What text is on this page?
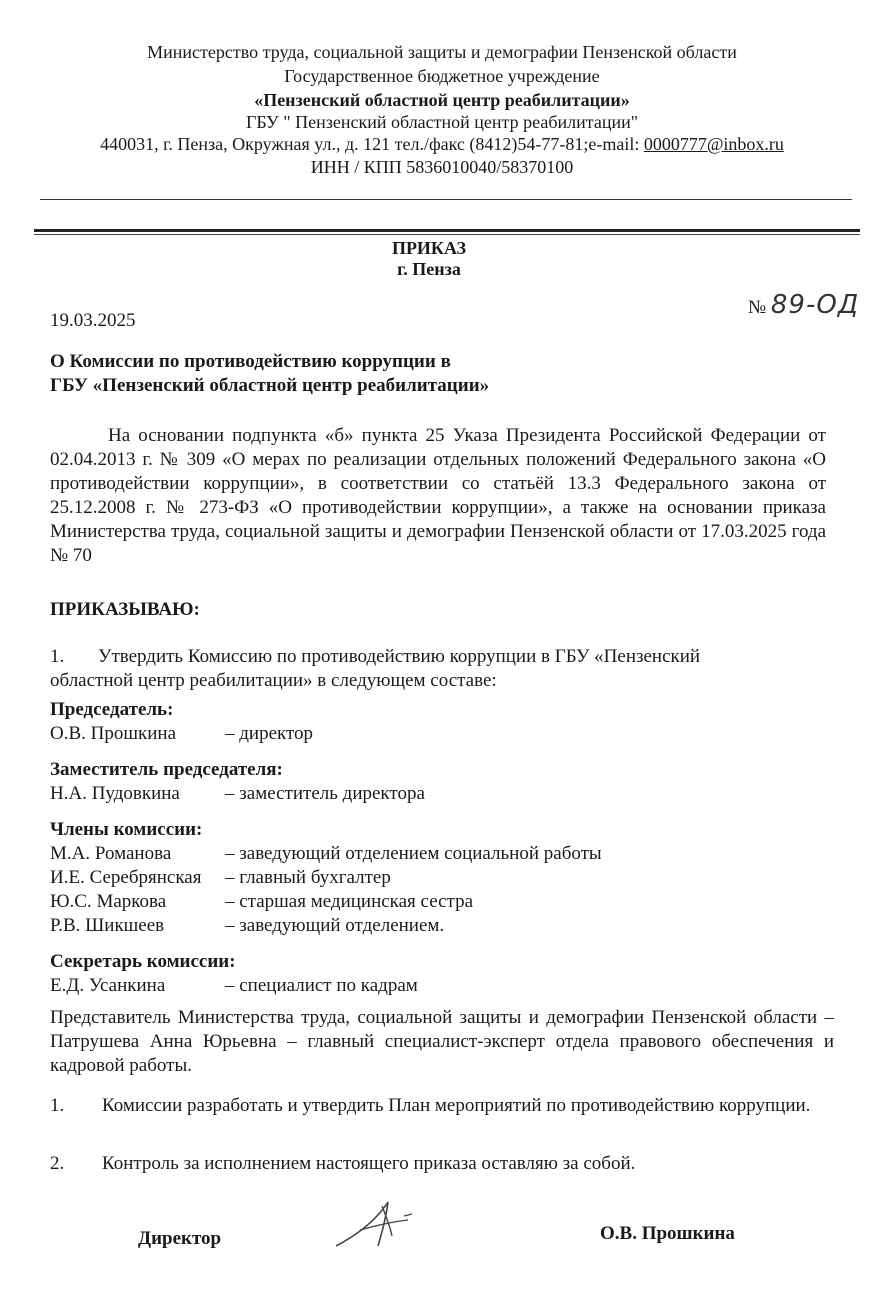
Министерство труда, социальной защиты и демографии Пензенской области
Государственное бюджетное учреждение
«Пензенский областной центр реабилитации»
ГБУ " Пензенский областной центр реабилитации"
440031, г. Пенза, Окружная ул., д. 121 тел./факс (8412)54-77-81;e-mail: 0000777@inbox.ru
ИНН / КПП 5836010040/58370100
ПРИКАЗ
г. Пенза
19.03.2025
№ 89-ОД
О Комиссии по противодействию коррупции в
ГБУ «Пензенский областной центр реабилитации»
На основании подпункта «б» пункта 25 Указа Президента Российской Федерации от 02.04.2013 г. № 309 «О мерах по реализации отдельных положений Федерального закона «О противодействии коррупции», в соответствии со статьёй 13.3 Федерального закона от 25.12.2008 г. № 273-ФЗ «О противодействии коррупции», а также на основании приказа Министерства труда, социальной защиты и демографии Пензенской области от 17.03.2025 года № 70
ПРИКАЗЫВАЮ:
1. Утвердить Комиссию по противодействию коррупции в ГБУ «Пензенский
областной центр реабилитации» в следующем составе:
Председатель:
О.В. Прошкина	– директор
Заместитель председателя:
Н.А. Пудовкина – заместитель директора
Члены комиссии:
М.А. Романова	– заведующий отделением социальной работы
И.Е. Серебрянская – главный бухгалтер
Ю.С. Маркова	– старшая медицинская сестра
Р.В. Шикшеев	– заведующий отделением.
Секретарь комиссии:
Е.Д. Усанкина	– специалист по кадрам
Представитель Министерства труда, социальной защиты и демографии Пензенской области – Патрушева Анна Юрьевна – главный специалист-эксперт отдела правового обеспечения и кадровой работы.
1. Комиссии разработать и утвердить План мероприятий по противодействию коррупции.
2. Контроль за исполнением настоящего приказа оставляю за собой.
Директор	О.В. Прошкина
